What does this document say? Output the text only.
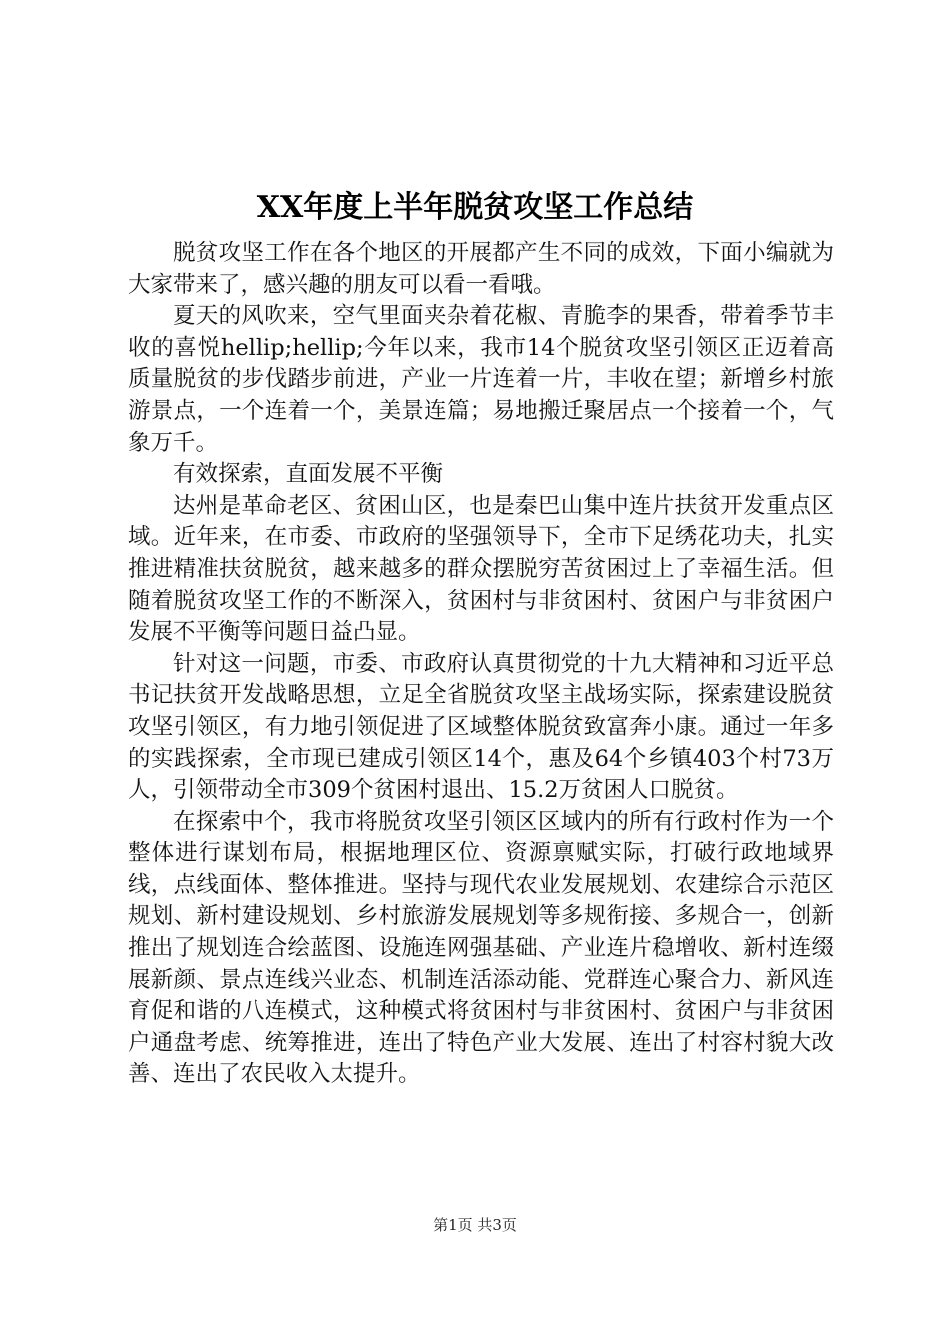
XX年度上半年脱贫攻坚工作总结

脱贫攻坚工作在各个地区的开展都产生不同的成效，下面小编就为大家带来了，感兴趣的朋友可以看一看哦。

夏天的风吹来，空气里面夹杂着花椒、青脆李的果香，带着季节丰收的喜悦hellip;hellip;今年以来，我市14个脱贫攻坚引领区正迈着高质量脱贫的步伐踏步前进，产业一片连着一片，丰收在望；新增乡村旅游景点，一个连着一个，美景连篇；易地搬迁聚居点一个接着一个，气象万千。

有效探索，直面发展不平衡

达州是革命老区、贫困山区，也是秦巴山集中连片扶贫开发重点区域。近年来，在市委、市政府的坚强领导下，全市下足绣花功夫，扎实推进精准扶贫脱贫，越来越多的群众摆脱穷苦贫困过上了幸福生活。但随着脱贫攻坚工作的不断深入，贫困村与非贫困村、贫困户与非贫困户发展不平衡等问题日益凸显。

针对这一问题，市委、市政府认真贯彻党的十九大精神和习近平总书记扶贫开发战略思想，立足全省脱贫攻坚主战场实际，探索建设脱贫攻坚引领区，有力地引领促进了区域整体脱贫致富奔小康。通过一年多的实践探索，全市现已建成引领区14个，惠及64个乡镇403个村73万人，引领带动全市309个贫困村退出、15.2万贫困人口脱贫。

在探索中个，我市将脱贫攻坚引领区区域内的所有行政村作为一个整体进行谋划布局，根据地理区位、资源禀赋实际，打破行政地域界线，点线面体、整体推进。坚持与现代农业发展规划、农建综合示范区规划、新村建设规划、乡村旅游发展规划等多规衔接、多规合一，创新推出了规划连合绘蓝图、设施连网强基础、产业连片稳增收、新村连缀展新颜、景点连线兴业态、机制连活添动能、党群连心聚合力、新风连育促和谐的八连模式，这种模式将贫困村与非贫困村、贫困户与非贫困户通盘考虑、统筹推进，连出了特色产业大发展、连出了村容村貌大改善、连出了农民收入太提升。

第1页 共3页
